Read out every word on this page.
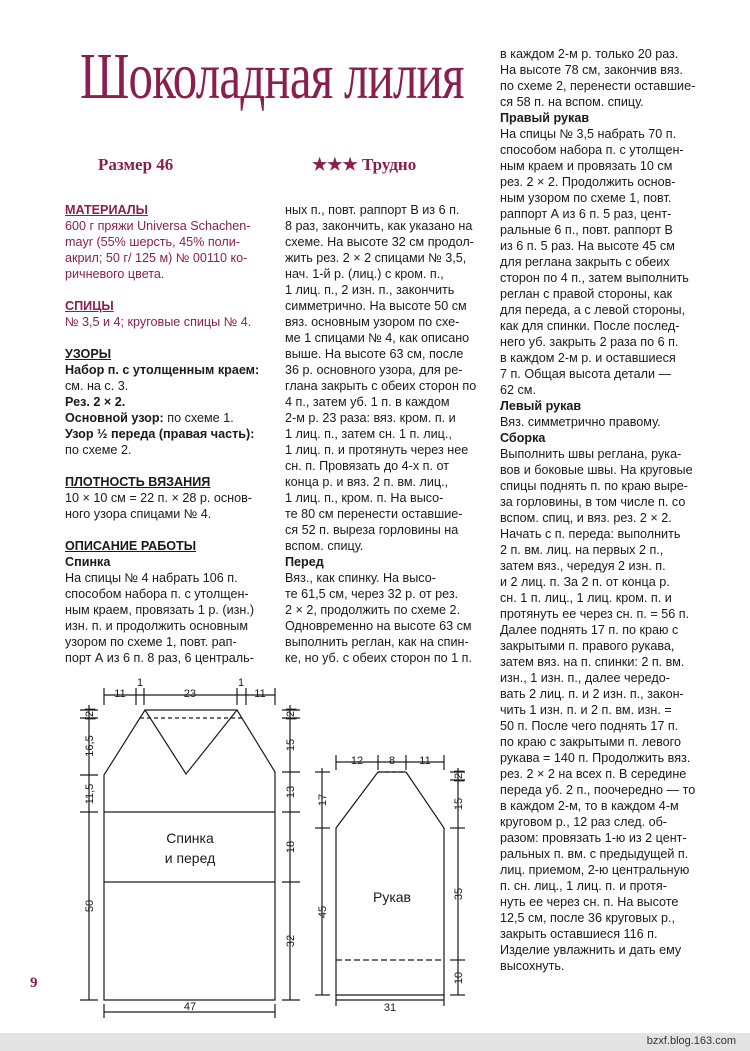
Шоколадная лилия
Размер 46	★★★ Трудно

МАТЕРИАЛЫ

600 г пряжи Universa Schachen-

mayr (55% шерсть, 45% поли-

акрил; 50 г/ 125 м) № 00110 ко-

ричневого цвета.

СПИЦЫ

№ 3,5 и 4; круговые спицы № 4.

УЗОРЫ

Набор п. с утолщенным краем:

см. на с. 3.

Рез. 2 × 2.

Основной узор: по схеме 1.

Узор ½ переда (правая часть):

по схеме 2.

ПЛОТНОСТЬ ВЯЗАНИЯ

10 × 10 см = 22 п. × 28 р. основ-

ного узора спицами № 4.

ОПИСАНИЕ РАБОТЫ

Спинка

На спицы № 4 набрать 106 п.

способом набора п. с утолщен-

ным краем, провязать 1 р. (изн.)

изн. п. и продолжить основным

узором по схеме 1, повт. рап-

порт А из 6 п. 8 раз, 6 централь-

ных п., повт. раппорт В из 6 п.

8 раз, закончить, как указано на

схеме. На высоте 32 см продол-

жить рез. 2 × 2 спицами № 3,5,

нач. 1-й р. (лиц.) с кром. п.,

1 лиц. п., 2 изн. п., закончить

симметрично. На высоте 50 см

вяз. основным узором по схе-

ме 1 спицами № 4, как описано

выше. На высоте 63 см, после

36 р. основного узора, для ре-

глана закрыть с обеих сторон по

4 п., затем уб. 1 п. в каждом

2-м р. 23 раза: вяз. кром. п. и

1 лиц. п., затем сн. 1 п. лиц.,

1 лиц. п. и протянуть через нее

сн. п. Провязать до 4-х п. от

конца р. и вяз. 2 п. вм. лиц.,

1 лиц. п., кром. п. На высо-

те 80 см перенести оставшие-

ся 52 п. выреза горловины на

вспом. спицу.

Перед

Вяз., как спинку. На высо-

те 61,5 см, через 32 р. от рез.

2 × 2, продолжить по схеме 2.

Одновременно на высоте 63 см

выполнить реглан, как на спин-

ке, но уб. с обеих сторон по 1 п.

в каждом 2-м р. только 20 раз.

На высоте 78 см, закончив вяз.

по схеме 2, перенести оставшие-

ся 58 п. на вспом. спицу.

Правый рукав

На спицы № 3,5 набрать 70 п.

способом набора п. с утолщен-

ным краем и провязать 10 см

рез. 2 × 2. Продолжить основ-

ным узором по схеме 1, повт.

раппорт А из 6 п. 5 раз, цент-

ральные 6 п., повт. раппорт В

из 6 п. 5 раз. На высоте 45 см

для реглана закрыть с обеих

сторон по 4 п., затем выполнить

реглан с правой стороны, как

для переда, а с левой стороны,

как для спинки. После послед-

него уб. закрыть 2 раза по 6 п.

в каждом 2-м р. и оставшиеся

7 п. Общая высота детали —

62 см.

Левый рукав

Вяз. симметрично правому.

Сборка

Выполнить швы реглана, рука-

вов и боковые швы. На круговые

спицы поднять п. по краю выре-

за горловины, в том числе п. со

вспом. спиц, и вяз. рез. 2 × 2.

Начать с п. переда: выполнить

2 п. вм. лиц. на первых 2 п.,

затем вяз., чередуя 2 изн. п.

и 2 лиц. п. За 2 п. от конца р.

сн. 1 п. лиц., 1 лиц. кром. п. и

протянуть ее через сн. п. = 56 п.

Далее поднять 17 п. по краю с

закрытыми п. правого рукава,

затем вяз. на п. спинки: 2 п. вм.

изн., 1 изн. п., далее чередо-

вать 2 лиц. п. и 2 изн. п., закон-

чить 1 изн. п. и 2 п. вм. изн. =

50 п. После чего поднять 17 п.

по краю с закрытыми п. левого

рукава = 140 п. Продолжить вяз.

рез. 2 × 2 на всех п. В середине

переда уб. 2 п., поочередно — то

в каждом 2-м, то в каждом 4-м

круговом р., 12 раз след. об-

разом: провязать 1-ю из 2 цент-

ральных п. вм. с предыдущей п.

лиц. приемом, 2-ю центральную

п. сн. лиц., 1 лиц. п. и протя-

нуть ее через сн. п. На высоте

12,5 см, после 36 круговых р.,

закрыть оставшиеся 116 п.

Изделие увлажнить и дать ему

высохнуть.

11
1
23
1
11
[2]
16,5
11,5
50
[2]
15
13
18
32
47
12 8 11
17
45
[2]
15
35
10
31
Спинка
и перед
Рукав
9
bzxf.blog.163.com
